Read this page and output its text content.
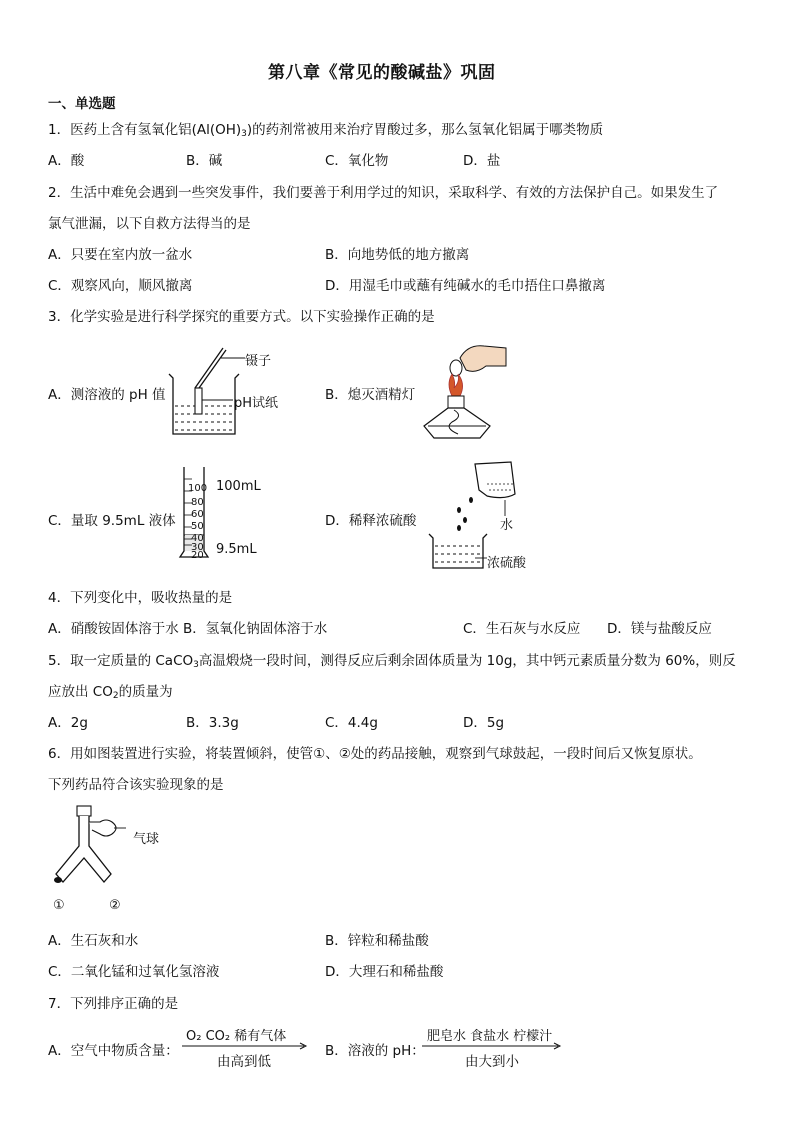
第八章《常见的酸碱盐》巩固
一、单选题
1．医药上含有氢氧化铝$(Al(OH)_3)$的药剂常被用来治疗胃酸过多，那么氢氧化铝属于哪类物质
A．酸	B．碱	C．氧化物	D．盐
2．生活中难免会遇到一些突发事件，我们要善于利用学过的知识，采取科学、有效的方法保护自己。如果发生了
氯气泄漏，以下自救方法得当的是
A．只要在室内放一盆水	B．向地势低的地方撤离
C．观察风向，顺风撤离	D．用湿毛巾或蘸有纯碱水的毛巾捂住口鼻撤离
3．化学实验是进行科学探究的重要方式。以下实验操作正确的是
A．测溶液的 pH 值
镊子
pH试纸
B．熄灭酒精灯
C．量取 9.5mL 液体
100
80
60
50
40
30
20
100mL
9.5mL
D．稀释浓硫酸	水
浓硫酸
4．下列变化中，吸收热量的是
A．硝酸铵固体溶于水 B．氢氧化钠固体溶于水	C．生石灰与水反应 D．镁与盐酸反应
5．取一定质量的 CaCO$_3$高温煅烧一段时间，测得反应后剩余固体质量为 10g，其中钙元素质量分数为 60%，则反
应放出 $CO_2$的质量为
A．2g	B．3.3g	C．4.4g	D．5g
6．用如图装置进行实验，将装置倾斜，使管①、②处的药品接触，观察到气球鼓起，一段时间后又恢复原状。
下列药品符合该实验现象的是
气球
①	②
A．生石灰和水	B．锌粒和稀盐酸
C．二氧化锰和过氧化氢溶液	D．大理石和稀盐酸
7．下列排序正确的是
A．空气中物质含量：
O₂ CO₂ 稀有气体
由高到低
B．溶液的 pH：
肥皂水 食盐水 柠檬汁
由大到小
